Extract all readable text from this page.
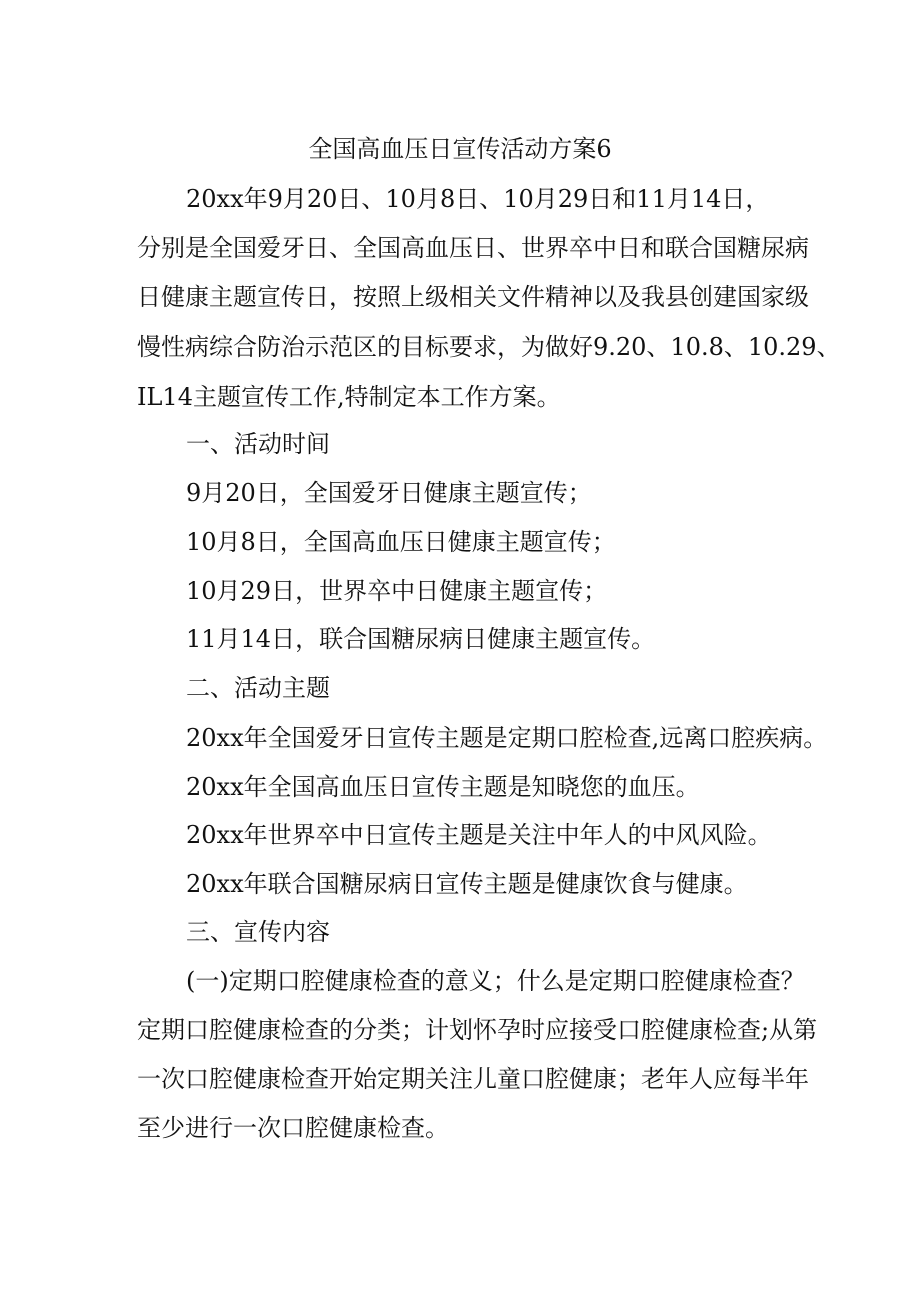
全国高血压日宣传活动方案6
20xx年9月20日、10月8日、10月29日和11月14日，
分别是全国爱牙日、全国高血压日、世界卒中日和联合国糖尿病
日健康主题宣传日，按照上级相关文件精神以及我县创建国家级
慢性病综合防治示范区的目标要求，为做好9.20、10.8、10.29、
IL14主题宣传工作,特制定本工作方案。
一、活动时间
9月20日，全国爱牙日健康主题宣传；
10月8日，全国高血压日健康主题宣传；
10月29日，世界卒中日健康主题宣传；
11月14日，联合国糖尿病日健康主题宣传。
二、活动主题
20xx年全国爱牙日宣传主题是定期口腔检查,远离口腔疾病。
20xx年全国高血压日宣传主题是知晓您的血压。
20xx年世界卒中日宣传主题是关注中年人的中风风险。
20xx年联合国糖尿病日宣传主题是健康饮食与健康。
三、宣传内容
(一)定期口腔健康检查的意义；什么是定期口腔健康检查？
定期口腔健康检查的分类；计划怀孕时应接受口腔健康检查;从第
一次口腔健康检查开始定期关注儿童口腔健康；老年人应每半年
至少进行一次口腔健康检查。
